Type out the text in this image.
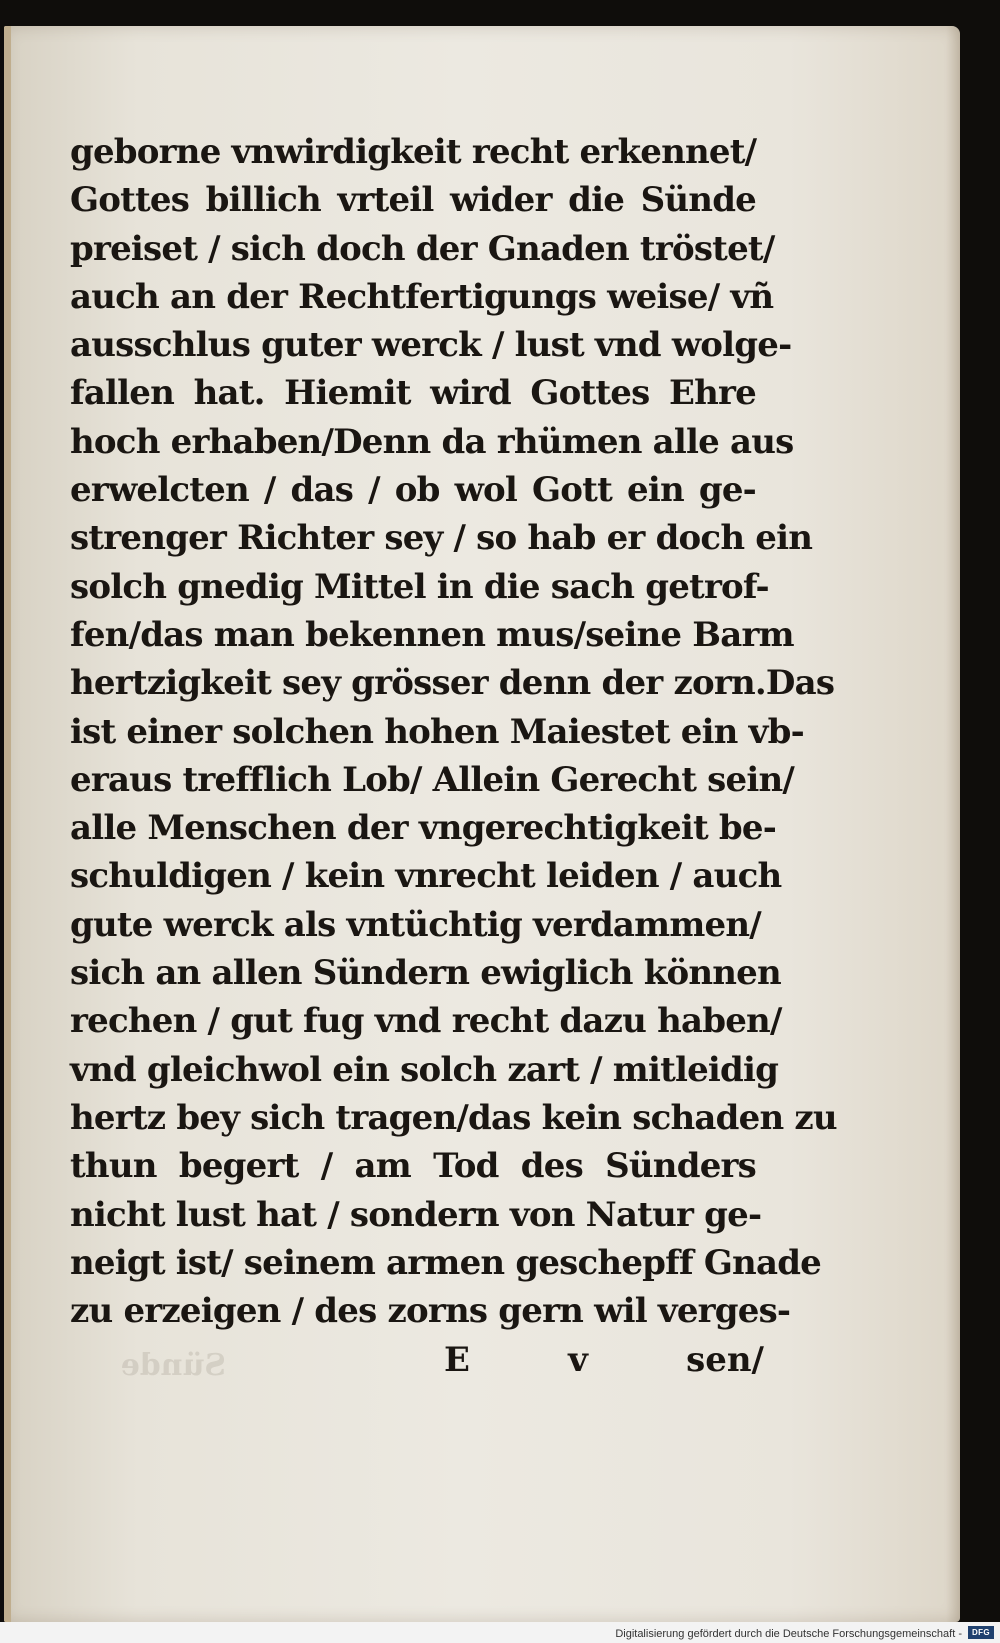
Sünde
geborne vnwirdigkeit recht erkennet/
Gottes billich vrteil wider die Sünde
preiset / sich doch der Gnaden tröstet/
auch an der Rechtfertigungs weise/ vñ
ausschlus guter werck / lust vnd wolge-
fallen hat. Hiemit wird Gottes Ehre
hoch erhaben/Denn da rhümen alle aus
erwelcten / das / ob wol Gott ein ge-
strenger Richter sey / so hab er doch ein
solch gnedig Mittel in die sach getrof-
fen/das man bekennen mus/seine Barm
hertzigkeit sey grösser denn der zorn.Das
ist einer solchen hohen Maiestet ein vb-
eraus trefflich Lob/ Allein Gerecht sein/
alle Menschen der vngerechtigkeit be-
schuldigen / kein vnrecht leiden / auch
gute werck als vntüchtig verdammen/
sich an allen Sündern ewiglich können
rechen / gut fug vnd recht dazu haben/
vnd gleichwol ein solch zart / mitleidig
hertz bey sich tragen/das kein schaden zu
thun begert / am Tod des Sünders
nicht lust hat / sondern von Natur ge-
neigt ist/ seinem armen geschepff Gnade
zu erzeigen / des zorns gern wil verges-
E	v	sen/
Digitalisierung gefördert durch die Deutsche Forschungsgemeinschaft -	DFG
